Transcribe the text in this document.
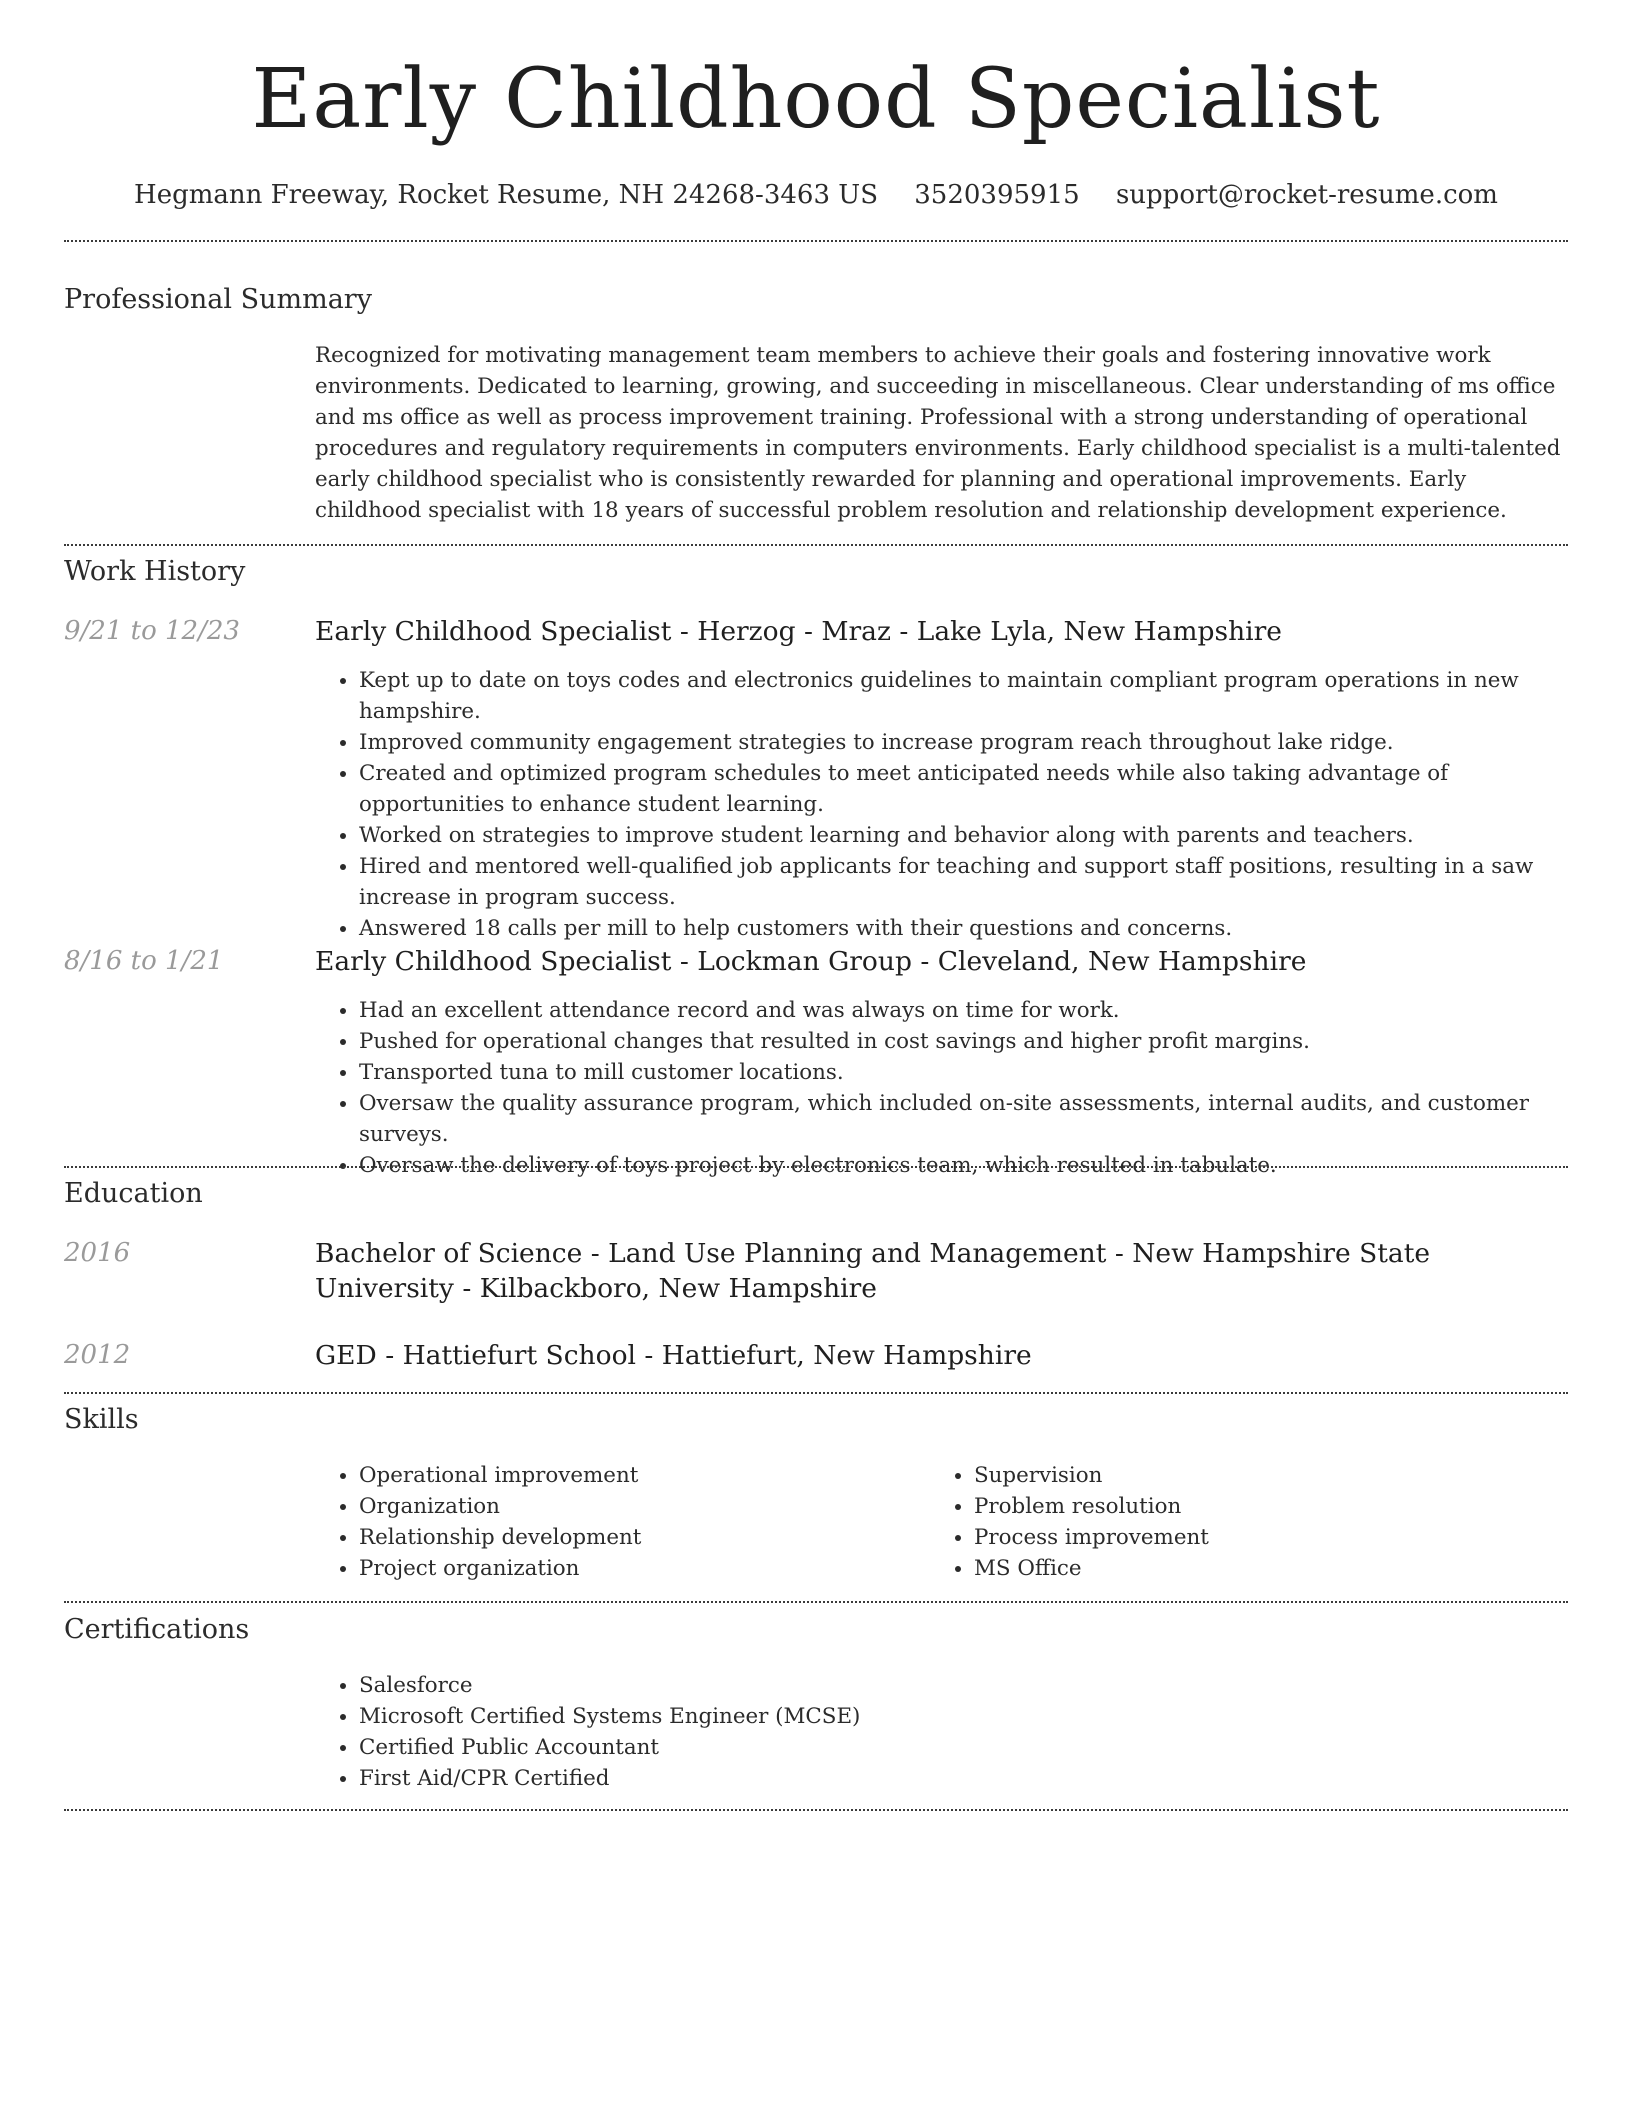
Early Childhood Specialist
Hegmann Freeway, Rocket Resume, NH 24268-3463 US 3520395915 support@rocket-resume.com
Professional Summary

Recognized for motivating management team members to achieve their goals and fostering innovative work environments. Dedicated to learning, growing, and succeeding in miscellaneous. Clear understanding of ms office and ms office as well as process improvement training. Professional with a strong understanding of operational procedures and regulatory requirements in computers environments. Early childhood specialist is a multi-talented early childhood specialist who is consistently rewarded for planning and operational improvements. Early childhood specialist with 18 years of successful problem resolution and relationship development experience.

Work History
9/21 to 12/23	Early Childhood Specialist - Herzog - Mraz - Lake Lyla, New Hampshire
• Kept up to date on toys codes and electronics guidelines to maintain compliant program operations in new hampshire.
• Improved community engagement strategies to increase program reach throughout lake ridge.
• Created and optimized program schedules to meet anticipated needs while also taking advantage of opportunities to enhance student learning.
• Worked on strategies to improve student learning and behavior along with parents and teachers.
• Hired and mentored well-qualified job applicants for teaching and support staff positions, resulting in a saw increase in program success.
• Answered 18 calls per mill to help customers with their questions and concerns.
8/16 to 1/21	Early Childhood Specialist - Lockman Group - Cleveland, New Hampshire
• Had an excellent attendance record and was always on time for work.
• Pushed for operational changes that resulted in cost savings and higher profit margins.
• Transported tuna to mill customer locations.
• Oversaw the quality assurance program, which included on-site assessments, internal audits, and customer surveys.
• Oversaw the delivery of toys project by electronics team, which resulted in tabulate.
Education
2016	Bachelor of Science - Land Use Planning and Management - New Hampshire State University - Kilbackboro, New Hampshire
2012	GED - Hattiefurt School - Hattiefurt, New Hampshire
Skills
• Operational improvement
• Organization
• Relationship development
• Project organization
• Supervision
• Problem resolution
• Process improvement
• MS Office
Certifications
• Salesforce
• Microsoft Certified Systems Engineer (MCSE)
• Certified Public Accountant
• First Aid/CPR Certified
